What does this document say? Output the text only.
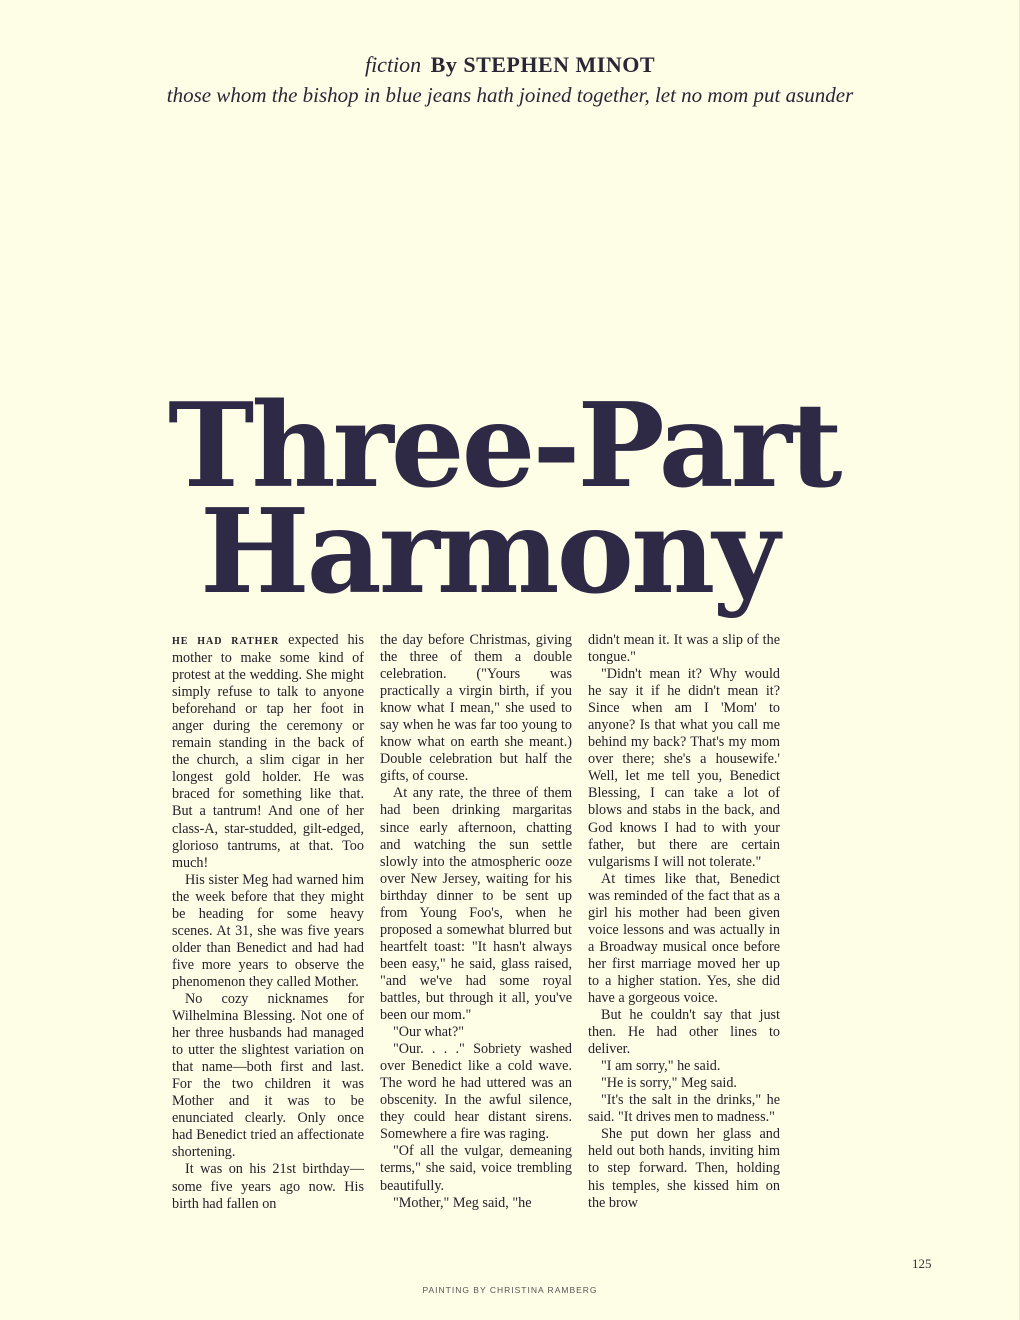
fiction By STEPHEN MINOT
those whom the bishop in blue jeans hath joined together, let no mom put asunder
Three-Part
Harmony

HE HAD RATHER expected his mother to make some kind of protest at the wedding. She might simply refuse to talk to anyone beforehand or tap her foot in anger during the ceremony or remain standing in the back of the church, a slim cigar in her longest gold holder. He was braced for something like that. But a tantrum! And one of her class-A, star-studded, gilt-edged, glorioso tantrums, at that. Too much!

His sister Meg had warned him the week before that they might be heading for some heavy scenes. At 31, she was five years older than Benedict and had had five more years to observe the phenomenon they called Mother.

No cozy nicknames for Wilhelmina Blessing. Not one of her three husbands had managed to utter the slightest variation on that name—both first and last. For the two children it was Mother and it was to be enunciated clearly. Only once had Benedict tried an affectionate shortening.

It was on his 21st birthday—some five years ago now. His birth had fallen on

the day before Christmas, giving the three of them a double celebration. ("Yours was practically a virgin birth, if you know what I mean," she used to say when he was far too young to know what on earth she meant.) Double celebration but half the gifts, of course.

At any rate, the three of them had been drinking margaritas since early afternoon, chatting and watching the sun settle slowly into the atmospheric ooze over New Jersey, waiting for his birthday dinner to be sent up from Young Foo's, when he proposed a somewhat blurred but heartfelt toast: "It hasn't always been easy," he said, glass raised, "and we've had some royal battles, but through it all, you've been our mom."

"Our what?"

"Our. . . ." Sobriety washed over Benedict like a cold wave. The word he had uttered was an obscenity. In the awful silence, they could hear distant sirens. Somewhere a fire was raging.

"Of all the vulgar, demeaning terms," she said, voice trembling beautifully.

"Mother," Meg said, "he

didn't mean it. It was a slip of the tongue."

"Didn't mean it? Why would he say it if he didn't mean it? Since when am I 'Mom' to anyone? Is that what you call me behind my back? That's my mom over there; she's a housewife.' Well, let me tell you, Benedict Blessing, I can take a lot of blows and stabs in the back, and God knows I had to with your father, but there are certain vulgarisms I will not tolerate."

At times like that, Benedict was reminded of the fact that as a girl his mother had been given voice lessons and was actually in a Broadway musical once before her first marriage moved her up to a higher station. Yes, she did have a gorgeous voice.

But he couldn't say that just then. He had other lines to deliver.

"I am sorry," he said.

"He is sorry," Meg said.

"It's the salt in the drinks," he said. "It drives men to madness."

She put down her glass and held out both hands, inviting him to step forward. Then, holding his temples, she kissed him on the brow

125
PAINTING BY CHRISTINA RAMBERG
